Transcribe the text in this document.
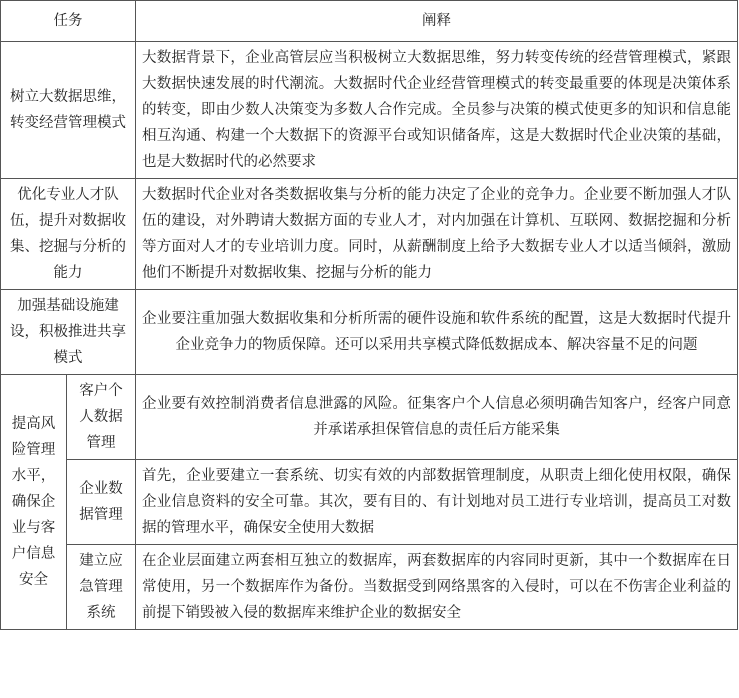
任务		阐释
树立大数据思维，转变经营管理模式		大数据背景下，企业高管层应当积极树立大数据思维，努力转变传统的经营管理模式，紧跟大数据快速发展的时代潮流。大数据时代企业经营管理模式的转变最重要的体现是决策体系的转变，即由少数人决策变为多数人合作完成。全员参与决策的模式使更多的知识和信息能相互沟通、构建一个大数据下的资源平台或知识储备库，这是大数据时代企业决策的基础，也是大数据时代的必然要求
优化专业人才队伍，提升对数据收集、挖掘与分析的能力		大数据时代企业对各类数据收集与分析的能力决定了企业的竞争力。企业要不断加强人才队伍的建设，对外聘请大数据方面的专业人才，对内加强在计算机、互联网、数据挖掘和分析等方面对人才的专业培训力度。同时，从薪酬制度上给予大数据专业人才以适当倾斜，激励他们不断提升对数据收集、挖掘与分析的能力
加强基础设施建设，积极推进共享模式		企业要注重加强大数据收集和分析所需的硬件设施和软件系统的配置，这是大数据时代提升企业竞争力的物质保障。还可以采用共享模式降低数据成本、解决容量不足的问题
提高风险管理水平，确保企业与客户信息安全	客户个人数据管理	企业要有效控制消费者信息泄露的风险。征集客户个人信息必须明确告知客户，经客户同意并承诺承担保管信息的责任后方能采集
	企业数据管理	首先，企业要建立一套系统、切实有效的内部数据管理制度，从职责上细化使用权限，确保企业信息资料的安全可靠。其次，要有目的、有计划地对员工进行专业培训，提高员工对数据的管理水平，确保安全使用大数据
	建立应急管理系统	在企业层面建立两套相互独立的数据库，两套数据库的内容同时更新，其中一个数据库在日常使用，另一个数据库作为备份。当数据受到网络黑客的入侵时，可以在不伤害企业利益的前提下销毁被入侵的数据库来维护企业的数据安全
